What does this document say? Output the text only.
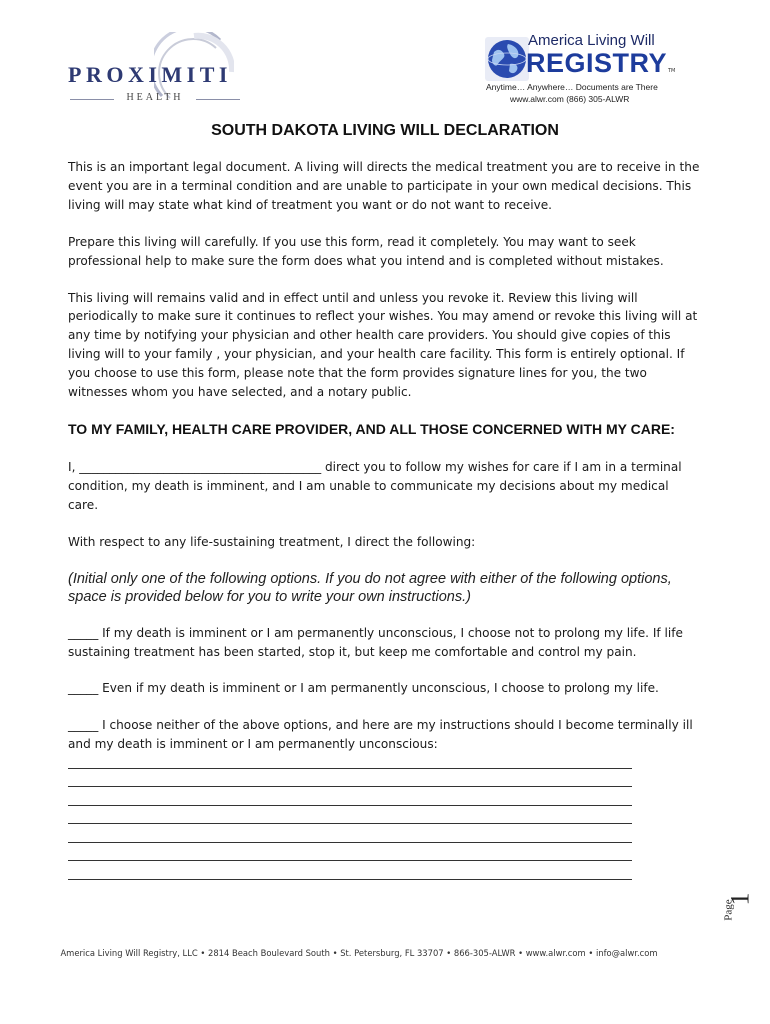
PROXIMITI
HEALTH
America Living Will
REGISTRY TM
Anytime… Anywhere… Documents are There
www.alwr.com (866) 305-ALWR
SOUTH DAKOTA LIVING WILL DECLARATION

This is an important legal document. A living will directs the medical treatment you are to receive in the event you are in a terminal condition and are unable to participate in your own medical decisions. This living will may state what kind of treatment you want or do not want to receive.

Prepare this living will carefully. If you use this form, read it completely. You may want to seek professional help to make sure the form does what you intend and is completed without mistakes.

This living will remains valid and in effect until and unless you revoke it. Review this living will periodically to make sure it continues to reflect your wishes. You may amend or revoke this living will at any time by notifying your physician and other health care providers. You should give copies of this living will to your family , your physician, and your health care facility. This form is entirely optional. If you choose to use this form, please note that the form provides signature lines for you, the two witnesses whom you have selected, and a notary public.

TO MY FAMILY, HEALTH CARE PROVIDER, AND ALL THOSE CONCERNED WITH MY CARE:

I, ________________________________________ direct you to follow my wishes for care if I am in a terminal condition, my death is imminent, and I am unable to communicate my decisions about my medical care.

With respect to any life-sustaining treatment, I direct the following:

(Initial only one of the following options. If you do not agree with either of the following options, space is provided below for you to write your own instructions.)

_____ If my death is imminent or I am permanently unconscious, I choose not to prolong my life. If life sustaining treatment has been started, stop it, but keep me comfortable and control my pain.

_____ Even if my death is imminent or I am permanently unconscious, I choose to prolong my life.

_____ I choose neither of the above options, and here are my instructions should I become terminally ill and my death is imminent or I am permanently unconscious:

1
Page
America Living Will Registry, LLC • 2814 Beach Boulevard South • St. Petersburg, FL 33707 • 866-305-ALWR • www.alwr.com • info@alwr.com
